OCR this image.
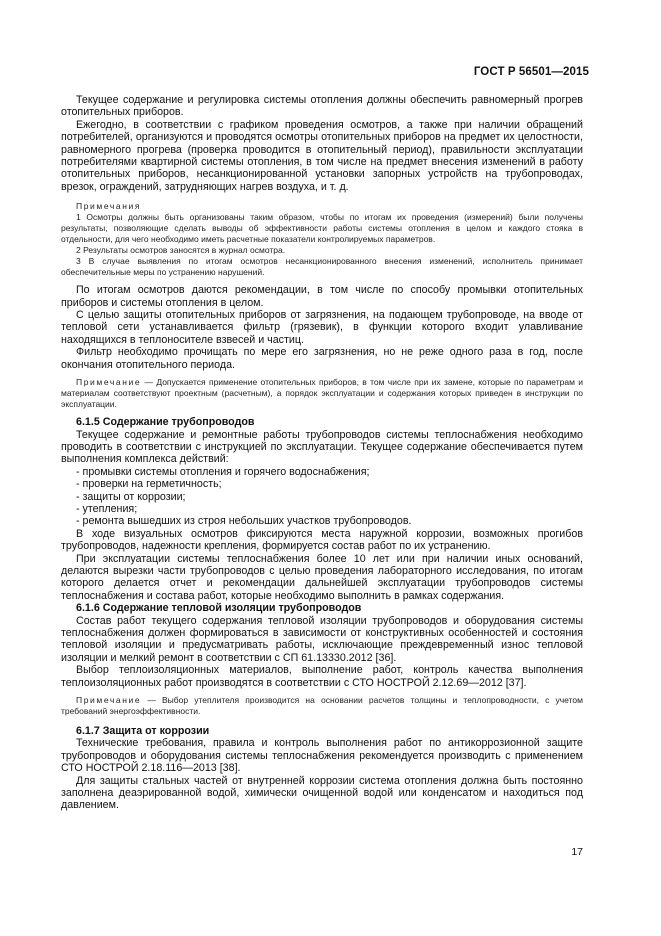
ГОСТ Р 56501—2015

Текущее содержание и регулировка системы отопления должны обеспечить равномерный прогрев отопительных приборов.

Ежегодно, в соответствии с графиком проведения осмотров, а также при наличии обращений потребителей, организуются и проводятся осмотры отопительных приборов на предмет их целостности, равномерного прогрева (проверка проводится в отопительный период), правильности эксплуатации потребителями квартирной системы отопления, в том числе на предмет внесения изменений в работу отопительных приборов, несанкционированной установки запорных устройств на трубопроводах, врезок, ограждений, затрудняющих нагрев воздуха, и т. д.

Примечания

1 Осмотры должны быть организованы таким образом, чтобы по итогам их проведения (измерений) были получены результаты, позволяющие сделать выводы об эффективности работы системы отопления в целом и каждого стояка в отдельности, для чего необходимо иметь расчетные показатели контролируемых параметров.

2 Результаты осмотров заносятся в журнал осмотра.

3 В случае выявления по итогам осмотров несанкционированного внесения изменений, исполнитель принимает обеспечительные меры по устранению нарушений.

По итогам осмотров даются рекомендации, в том числе по способу промывки отопительных приборов и системы отопления в целом.

С целью защиты отопительных приборов от загрязнения, на подающем трубопроводе, на вводе от тепловой сети устанавливается фильтр (грязевик), в функции которого входит улавливание находящихся в теплоносителе взвесей и частиц.

Фильтр необходимо прочищать по мере его загрязнения, но не реже одного раза в год, после окончания отопительного периода.

Примечание — Допускается применение отопительных приборов, в том числе при их замене, которые по параметрам и материалам соответствуют проектным (расчетным), а порядок эксплуатации и содержания которых приведен в инструкции по эксплуатации.

6.1.5 Содержание трубопроводов

Текущее содержание и ремонтные работы трубопроводов системы теплоснабжения необходимо проводить в соответствии с инструкцией по эксплуатации. Текущее содержание обеспечивается путем выполнения комплекса действий:

- промывки системы отопления и горячего водоснабжения;

- проверки на герметичность;

- защиты от коррозии;

- утепления;

- ремонта вышедших из строя небольших участков трубопроводов.

В ходе визуальных осмотров фиксируются места наружной коррозии, возможных прогибов трубопроводов, надежности крепления, формируется состав работ по их устранению.

При эксплуатации системы теплоснабжения более 10 лет или при наличии иных оснований, делаются вырезки части трубопроводов с целью проведения лабораторного исследования, по итогам которого делается отчет и рекомендации дальнейшей эксплуатации трубопроводов системы теплоснабжения и состава работ, которые необходимо выполнить в рамках содержания.

6.1.6 Содержание тепловой изоляции трубопроводов

Состав работ текущего содержания тепловой изоляции трубопроводов и оборудования системы теплоснабжения должен формироваться в зависимости от конструктивных особенностей и состояния тепловой изоляции и предусматривать работы, исключающие преждевременный износ тепловой изоляции и мелкий ремонт в соответствии с СП 61.13330.2012 [36].

Выбор теплоизоляционных материалов, выполнение работ, контроль качества выполнения теплоизоляционных работ производятся в соответствии с СТО НОСТРОЙ 2.12.69—2012 [37].

Примечание — Выбор утеплителя производится на основании расчетов толщины и теплопроводности, с учетом требований энергоэффективности.

6.1.7 Защита от коррозии

Технические требования, правила и контроль выполнения работ по антикоррозионной защите трубопроводов и оборудования системы теплоснабжения рекомендуется производить с применением СТО НОСТРОЙ 2.18.116—2013 [38].

Для защиты стальных частей от внутренней коррозии система отопления должна быть постоянно заполнена деаэрированной водой, химически очищенной водой или конденсатом и находиться под давлением.

17
